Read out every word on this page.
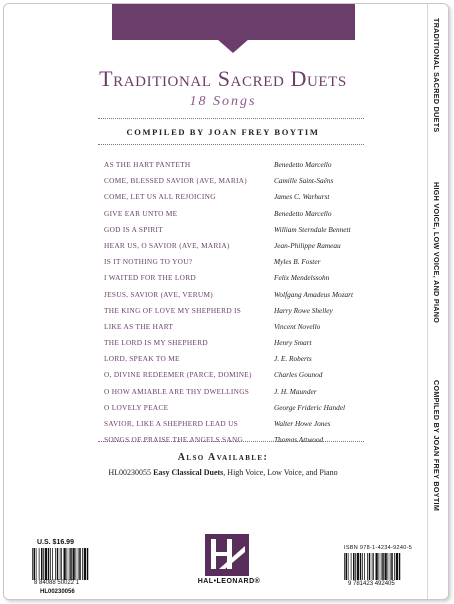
Traditional Sacred Duets
18 Songs
COMPILED BY JOAN FREY BOYTIM
AS THE HART PANTETH	Benedetto Marcello
COME, BLESSED SAVIOR (AVE, MARIA)	Camille Saint-Saëns
COME, LET US ALL REJOICING	James C. Warhurst
GIVE EAR UNTO ME	Benedetto Marcello
GOD IS A SPIRIT	William Sterndale Bennett
HEAR US, O SAVIOR (AVE, MARIA)	Jean-Philippe Rameau
IS IT NOTHING TO YOU?	Myles B. Foster
I WAITED FOR THE LORD	Felix Mendelssohn
JESUS, SAVIOR (AVE, VERUM)	Wolfgang Amadeus Mozart
THE KING OF LOVE MY SHEPHERD IS	Harry Rowe Shelley
LIKE AS THE HART	Vincent Novello
THE LORD IS MY SHEPHERD	Henry Smart
LORD, SPEAK TO ME	J. E. Roberts
O, DIVINE REDEEMER (PARCE, DOMINE)	Charles Gounod
O HOW AMIABLE ARE THY DWELLINGS	J. H. Maunder
O LOVELY PEACE	George Frideric Handel
SAVIOR, LIKE A SHEPHERD LEAD US	Walter Howe Jones
SONGS OF PRAISE THE ANGELS SANG	Thomas Attwood
Also Available:
HL00230055 Easy Classical Duets, High Voice, Low Voice, and Piano
U.S. $16.99
8 84088 50022 1
HL00230056
HAL•LEONARD®
ISBN 978-1-4234-9240-5
9 781423 492405
TRADITIONAL SACRED DUETS
HIGH VOICE, LOW VOICE, AND PIANO
COMPILED BY JOAN FREY BOYTIM
